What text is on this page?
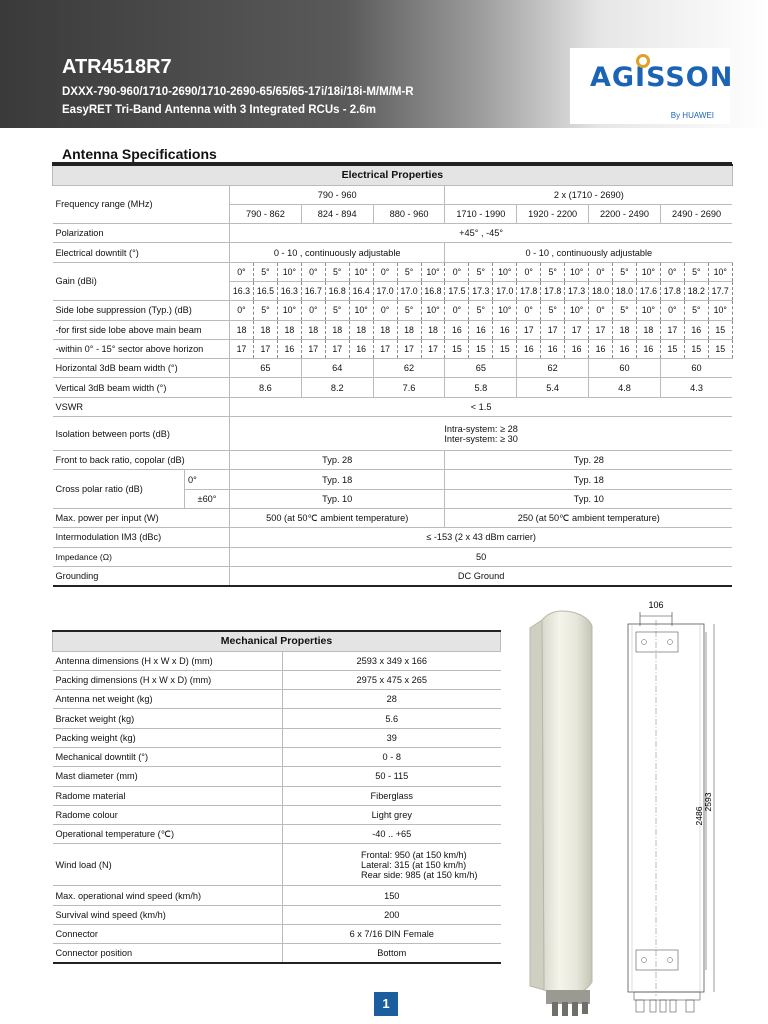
ATR4518R7
DXXX-790-960/1710-2690/1710-2690-65/65/65-17i/18i/18i-M/M/M-R
EasyRET Tri-Band Antenna with 3 Integrated RCUs - 2.6m
AGISSON
By HUAWEI
Antenna Specifications
Electrical Properties																						
Frequency range (MHz)		790 - 960									2 x (1710 - 2690)											
		790 - 862			824 - 894			880 - 960			1710 - 1990			1920 - 2200			2200 - 2490			2490 - 2690		
Polarization		+45° , -45°																				
Electrical downtilt (°)		0 - 10 , continuously adjustable									0 - 10 , continuously adjustable											
Gain (dBi)		0°	5°	10°	0°	5°	10°	0°	5°	10°	0°	5°	10°	0°	5°	10°	0°	5°	10°	0°	5°	10°
		16.3	16.5	16.3	16.7	16.8	16.4	17.0	17.0	16.8	17.5	17.3	17.0	17.8	17.8	17.3	18.0	18.0	17.6	17.8	18.2	17.7
Side lobe suppression (Typ.) (dB)		0°	5°	10°	0°	5°	10°	0°	5°	10°	0°	5°	10°	0°	5°	10°	0°	5°	10°	0°	5°	10°
-for first side lobe above main beam		18	18	18	18	18	18	18	18	18	16	16	16	17	17	17	17	18	18	17	16	15
-within 0° - 15° sector above horizon		17	17	16	17	17	16	17	17	17	15	15	15	16	16	16	16	16	16	15	15	15
Horizontal 3dB beam width (°)		65			64			62			65			62			60			60		
Vertical 3dB beam width (°)		8.6			8.2			7.6			5.8			5.4			4.8			4.3		
VSWR		< 1.5																				
Isolation between ports (dB)		Intra-system: ≥ 28
Inter-system: ≥ 30																				

Front to back ratio, copolar (dB)		Typ. 28									Typ. 28											
Cross polar ratio (dB)	0°	Typ. 18									Typ. 18											
	±60°	Typ. 10									Typ. 10											
Max. power per input (W)		500 (at 50℃ ambient temperature)									250 (at 50℃ ambient temperature)											
Intermodulation IM3 (dBc)		≤ -153 (2 x 43 dBm carrier)																				
Impedance (Ω)		50																				
Grounding		DC Ground																				
Mechanical Properties	
Antenna dimensions (H x W x D) (mm)	2593 x 349 x 166
Packing dimensions (H x W x D) (mm)	2975 x 475 x 265
Antenna net weight (kg)	28
Bracket weight (kg)	5.6
Packing weight (kg)	39
Mechanical downtilt (°)	0 - 8
Mast diameter (mm)	50 - 115
Radome material	Fiberglass
Radome colour	Light grey
Operational temperature (℃)	-40 .. +65
Wind load (N)	Frontal: 950 (at 150 km/h)
Lateral: 315 (at 150 km/h)
Rear side: 985 (at 150 km/h)

Max. operational wind speed (km/h)	150
Survival wind speed (km/h)	200
Connector	6 x 7/16 DIN Female
Connector position	Bottom
106
2486
2593
1
